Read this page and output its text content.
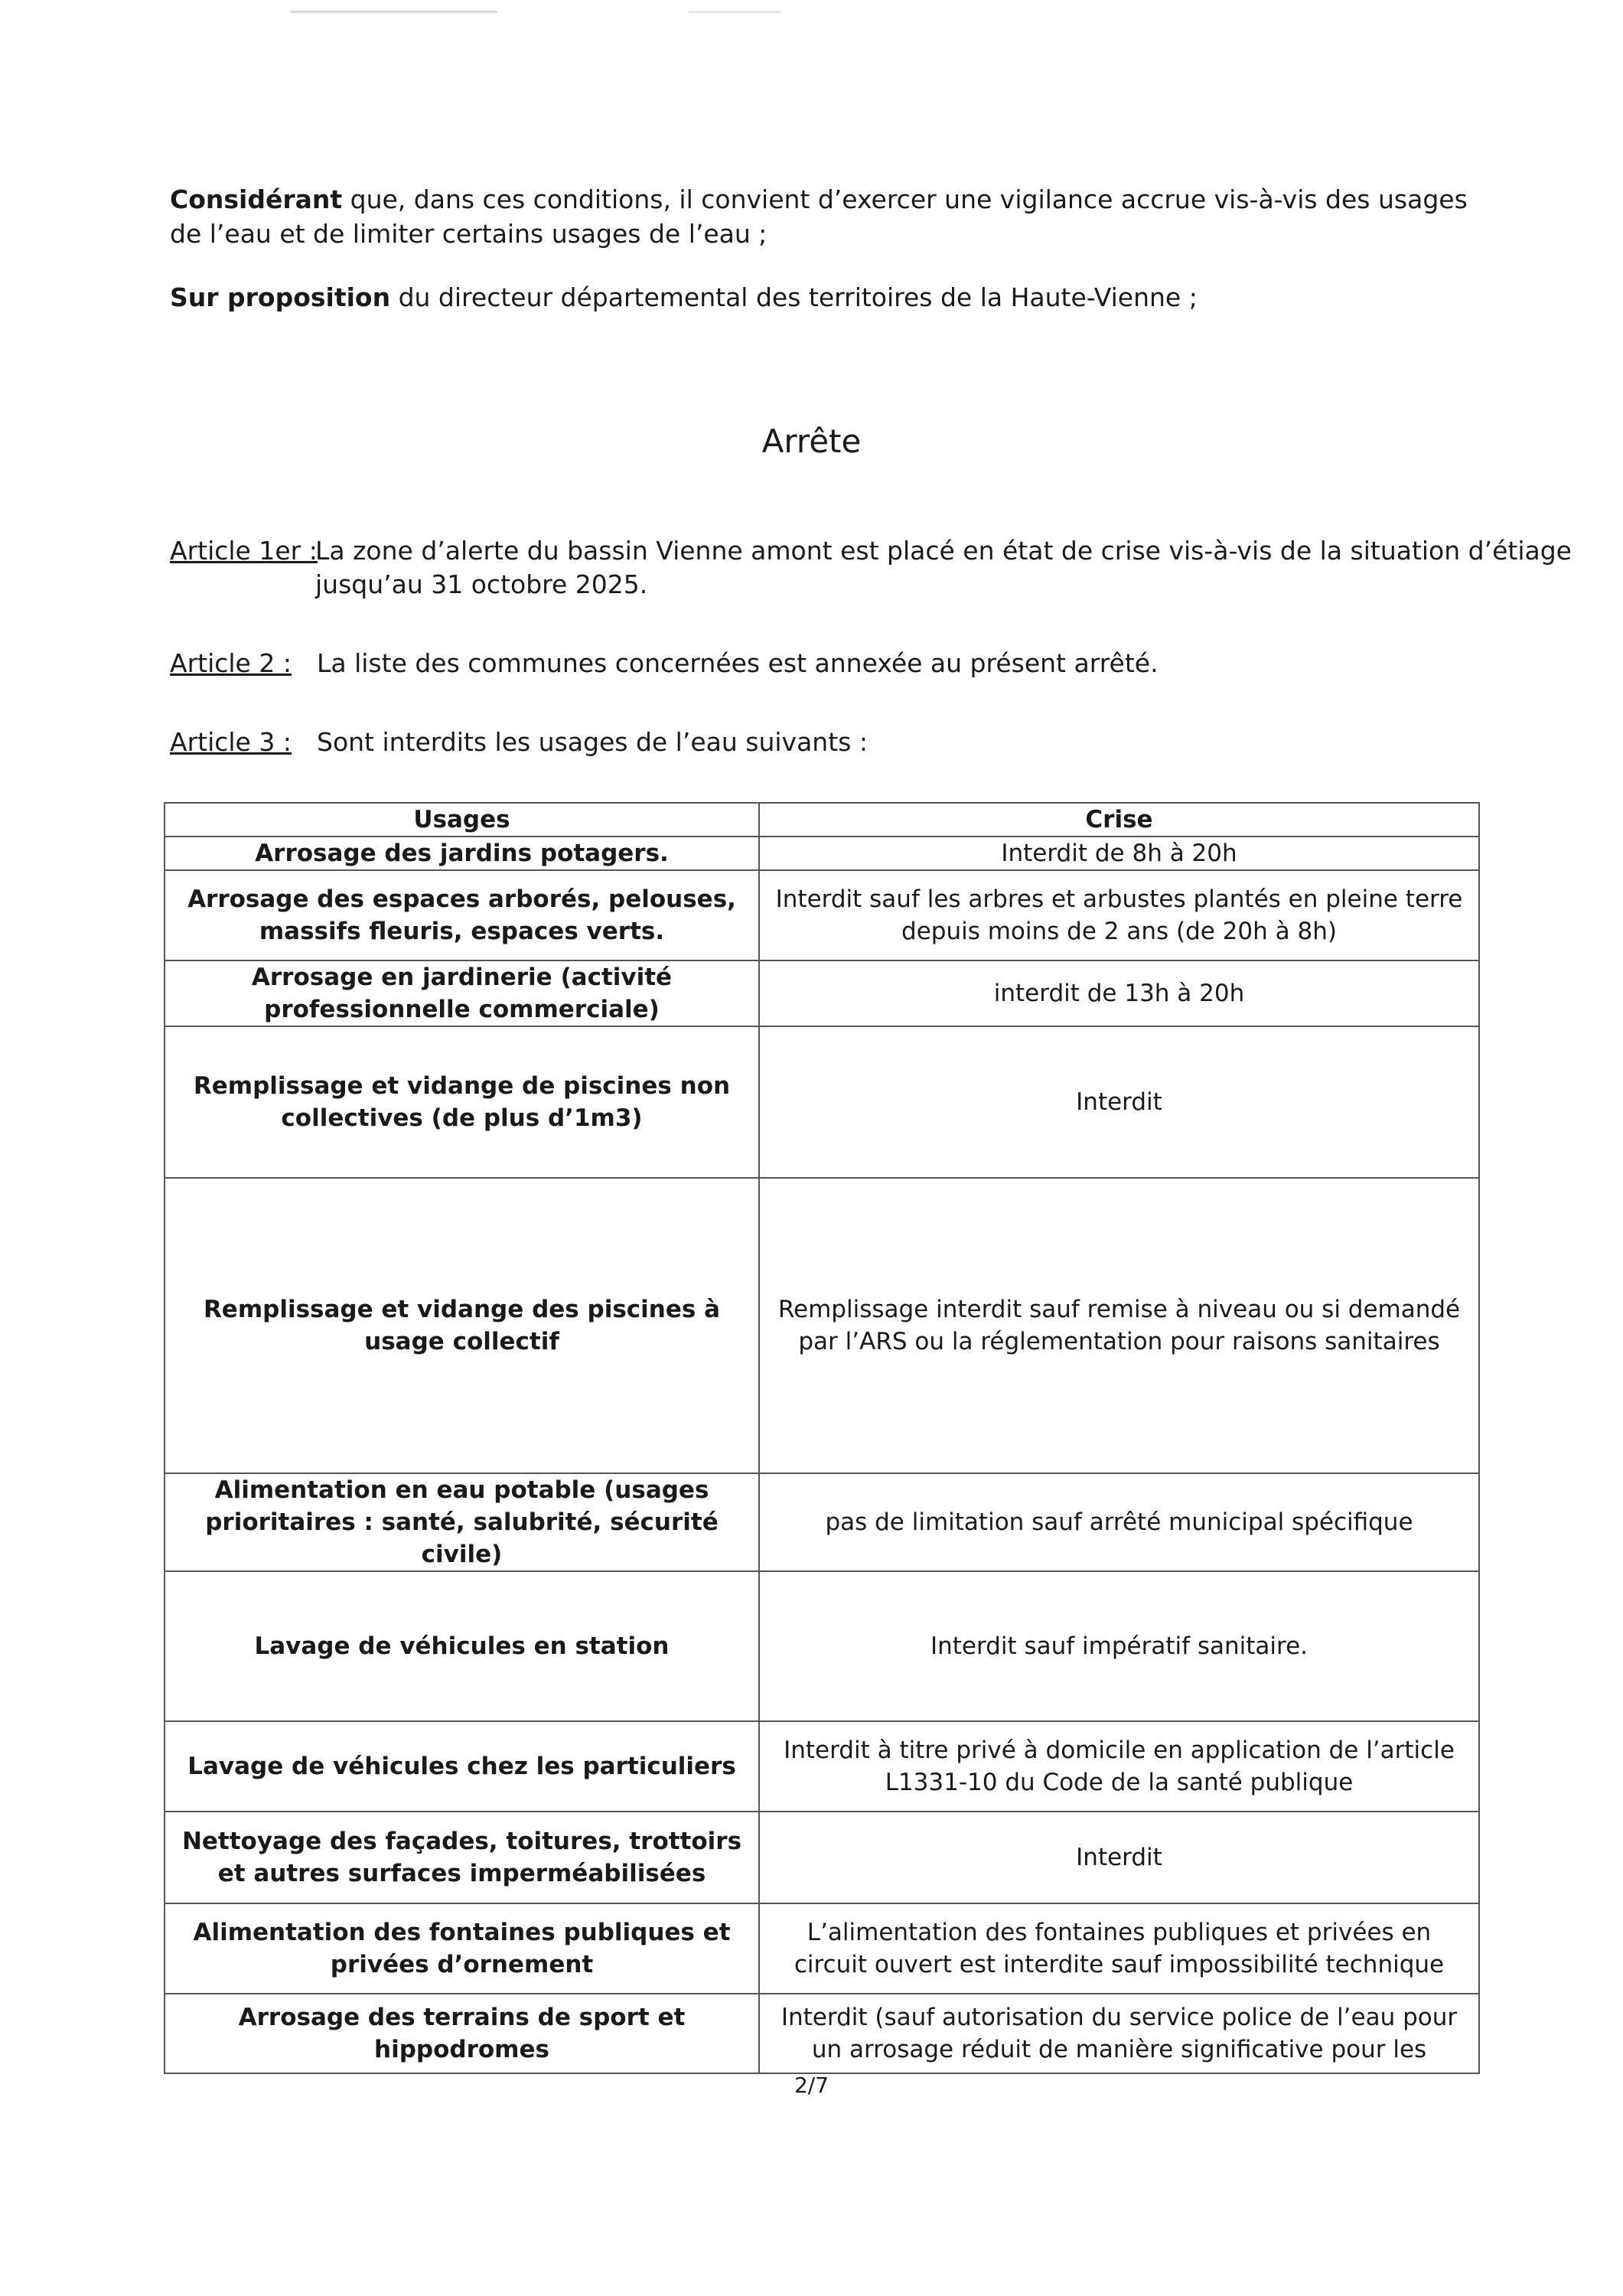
Considérant que, dans ces conditions, il convient d’exercer une vigilance accrue vis-à-vis des usages de l’eau et de limiter certains usages de l’eau ;
Sur proposition du directeur départemental des territoires de la Haute-Vienne ;
Arrête
Article 1er :
La zone d’alerte du bassin Vienne amont est placé en état de crise vis-à-vis de la situation d’étiage jusqu’au 31 octobre 2025.
Article 2 : La liste des communes concernées est annexée au présent arrêté.
Article 3 : Sont interdits les usages de l’eau suivants :
Usages	Crise
Arrosage des jardins potagers.	Interdit de 8h à 20h
Arrosage des espaces arborés, pelouses, massifs fleuris, espaces verts.	Interdit sauf les arbres et arbustes plantés en pleine terre depuis moins de 2 ans (de 20h à 8h)
Arrosage en jardinerie (activité professionnelle commerciale)	interdit de 13h à 20h
Remplissage et vidange de piscines non collectives (de plus d’1m3)	Interdit
Remplissage et vidange des piscines à usage collectif	Remplissage interdit sauf remise à niveau ou si demandé par l’ARS ou la réglementation pour raisons sanitaires
Alimentation en eau potable (usages prioritaires : santé, salubrité, sécurité civile)	pas de limitation sauf arrêté municipal spécifique
Lavage de véhicules en station	Interdit sauf impératif sanitaire.
Lavage de véhicules chez les particuliers	Interdit à titre privé à domicile en application de l’article L1331-10 du Code de la santé publique
Nettoyage des façades, toitures, trottoirs et autres surfaces imperméabilisées	Interdit
Alimentation des fontaines publiques et privées d’ornement	L’alimentation des fontaines publiques et privées en circuit ouvert est interdite sauf impossibilité technique
Arrosage des terrains de sport et hippodromes	Interdit (sauf autorisation du service police de l’eau pour un arrosage réduit de manière significative pour les
2/7
